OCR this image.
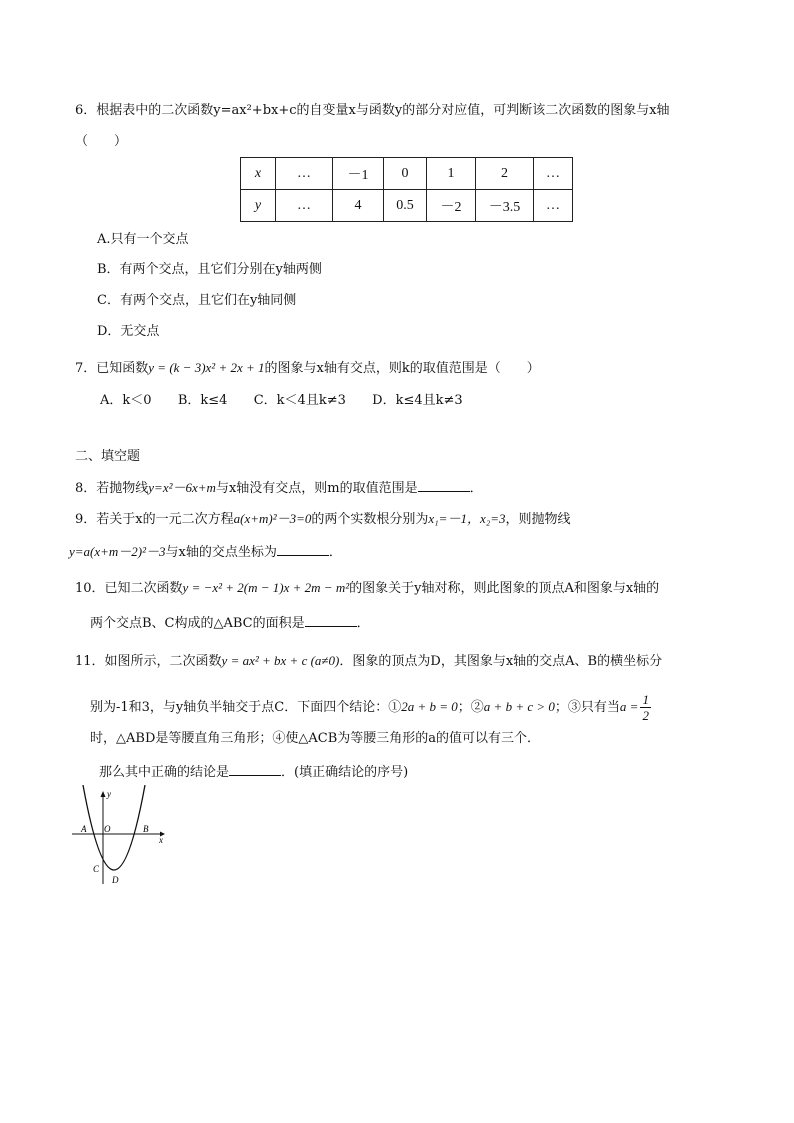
6．根据表中的二次函数y=ax²+bx+c的自变量x与函数y的部分对应值，可判断该二次函数的图象与x轴
（　　）
x	…	－1	0	1	2	…
y	…	4	0.5	－2	－3.5	…
A.只有一个交点
B．有两个交点，且它们分别在y轴两侧
C．有两个交点，且它们在y轴同侧
D．无交点
7．已知函数y = (k − 3)x² + 2x + 1的图象与x轴有交点，则k的取值范围是（　　）
A．k＜0 B．k≤4 C．k＜4且k≠3 D．k≤4且k≠3
二、填空题
8．若抛物线y=x²－6x+m与x轴没有交点，则m的取值范围是	．
9．若关于x的一元二次方程a(x+m)²－3=0的两个实数根分别为x₁=－1，x₂=3，则抛物线
y=a(x+m－2)²－3与x轴的交点坐标为	．
10．已知二次函数y = −x² + 2(m − 1)x + 2m − m²的图象关于y轴对称，则此图象的顶点A和图象与x轴的
两个交点B、C构成的△ABC的面积是	．
11．如图所示，二次函数y = ax² + bx + c (a≠0)．图象的顶点为D，其图象与x轴的交点A、B的横坐标分
别为-1和3，与y轴负半轴交于点C．下面四个结论：①2a + b = 0；②a + b + c > 0；③只有当$a = \frac{1}{2}$
时，△ABD是等腰直角三角形；④使△ACB为等腰三角形的a的值可以有三个．
那么其中正确的结论是	．(填正确结论的序号)
y
x
A O	B
C
D
